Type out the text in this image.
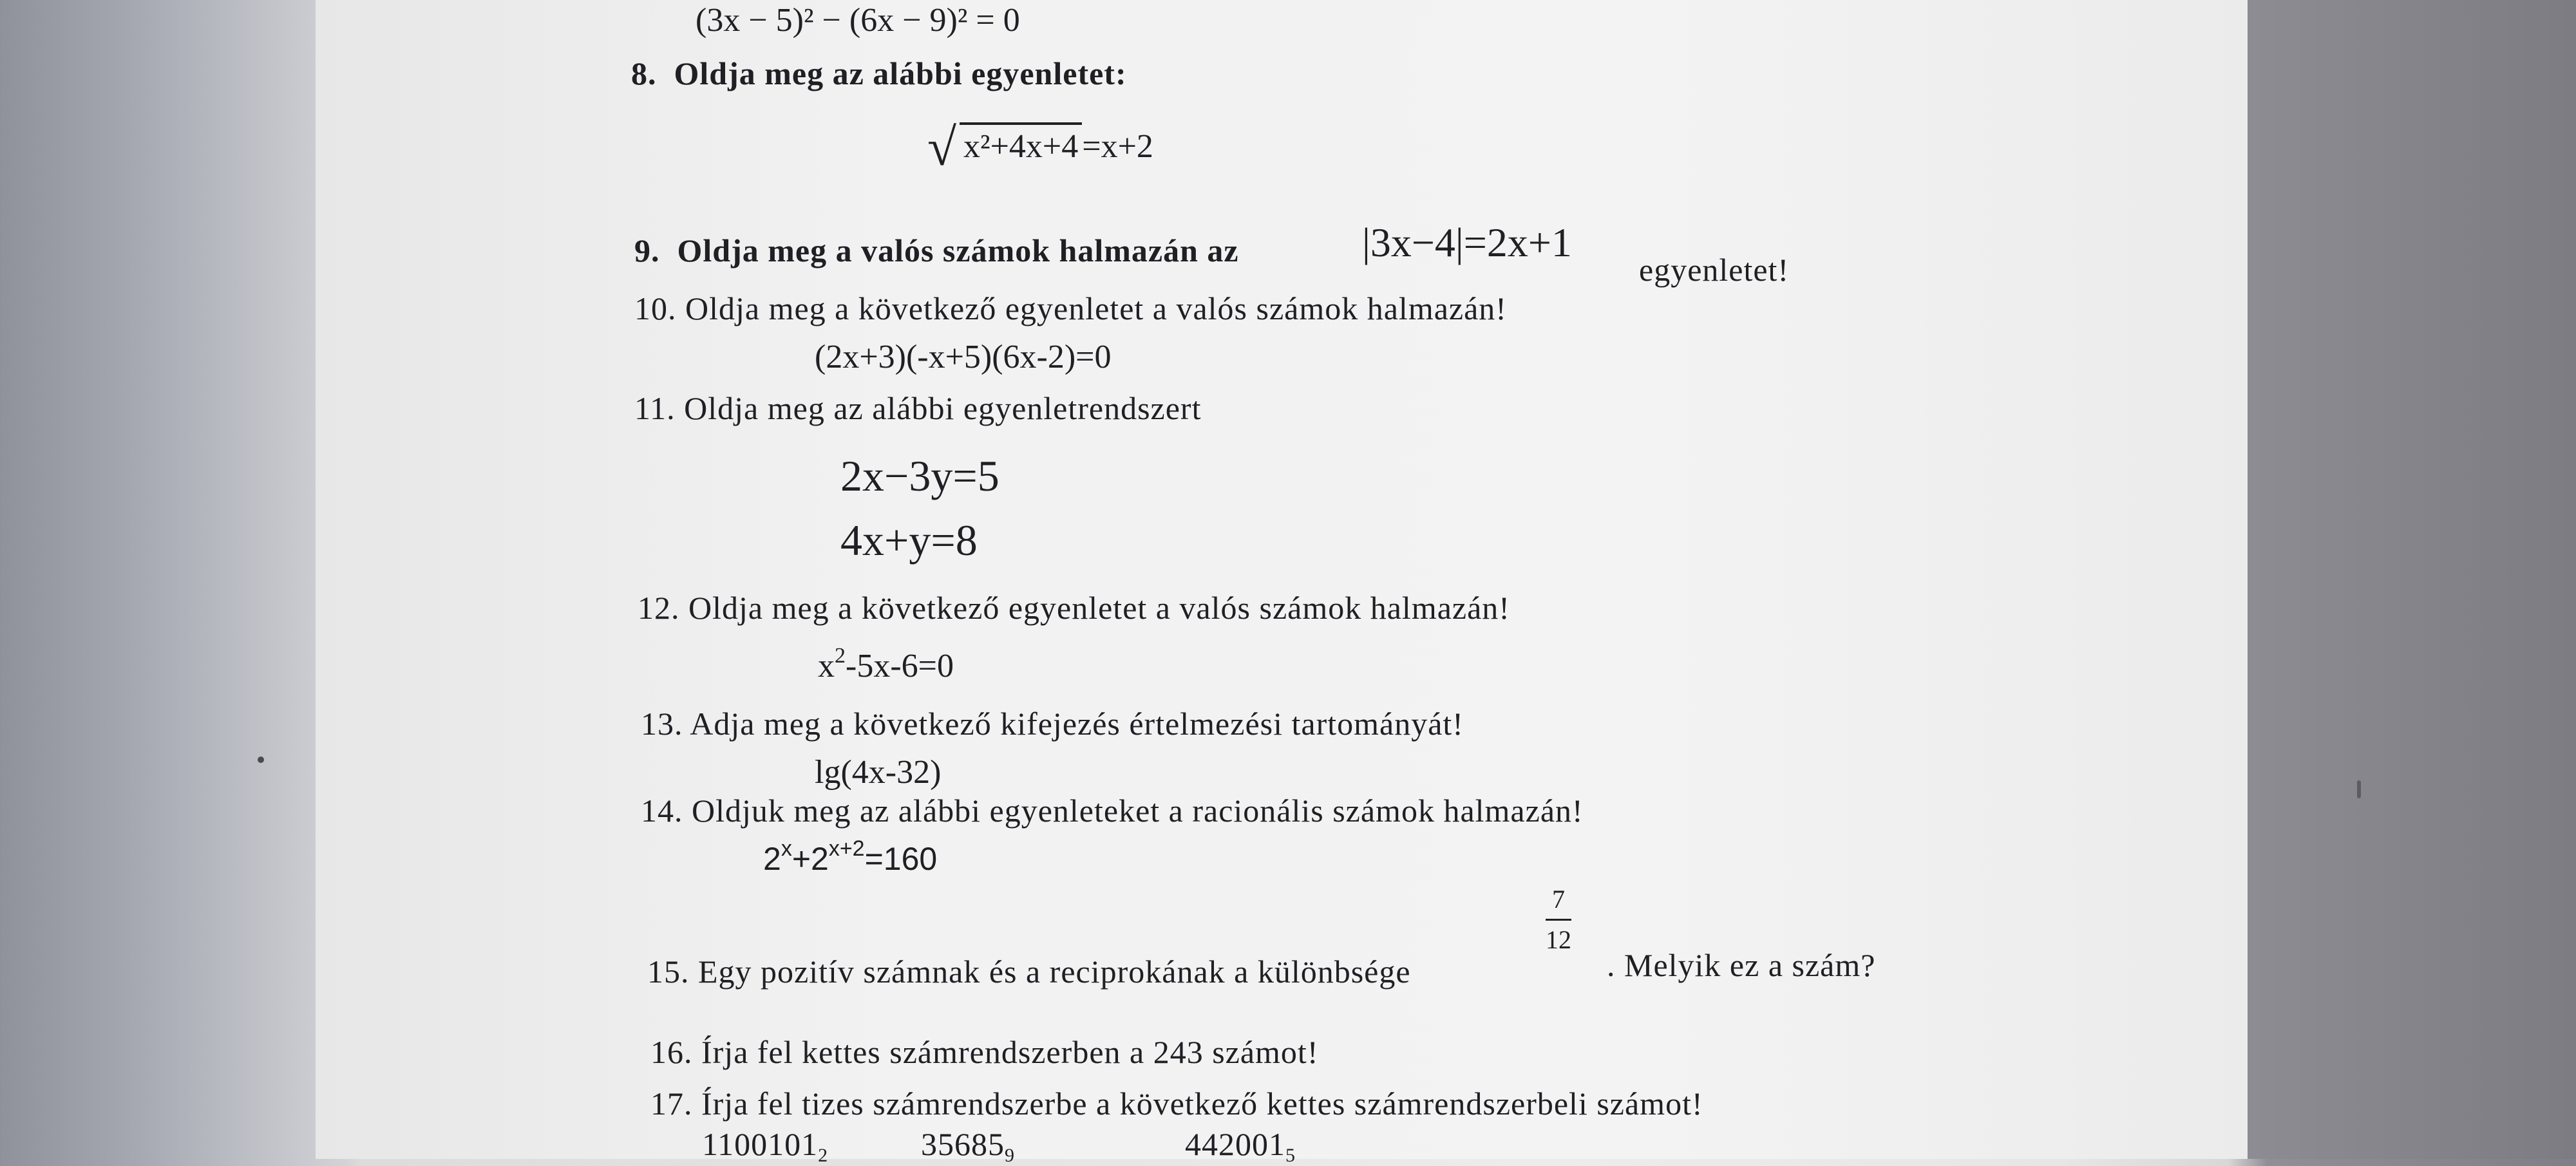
(3x − 5)² − (6x − 9)² = 0
8. Oldja meg az alábbi egyenletet:
√ x²+4x+4 =x+2
9. Oldja meg a valós számok halmazán az	|3x−4|=2x+1
egyenletet!
10. Oldja meg a következő egyenletet a valós számok halmazán!
(2x+3)(-x+5)(6x-2)=0
11. Oldja meg az alábbi egyenletrendszert
2x−3y=5
4x+y=8
12. Oldja meg a következő egyenletet a valós számok halmazán!
$x^2-5x-6=0$
13. Adja meg a következő kifejezés értelmezési tartományát!
lg(4x-32)
14. Oldjuk meg az alábbi egyenleteket a racionális számok halmazán!
$2^x+2^{x+2}=160$
15. Egy pozitív számnak és a reciprokának a különbsége
$\frac{7}{12}$
. Melyik ez a szám?
16. Írja fel kettes számrendszerben a 243 számot!
17. Írja fel tizes számrendszerbe a következő kettes számrendszerbeli számot!
$1100101_2$	$35685_9$	$442001_5$
